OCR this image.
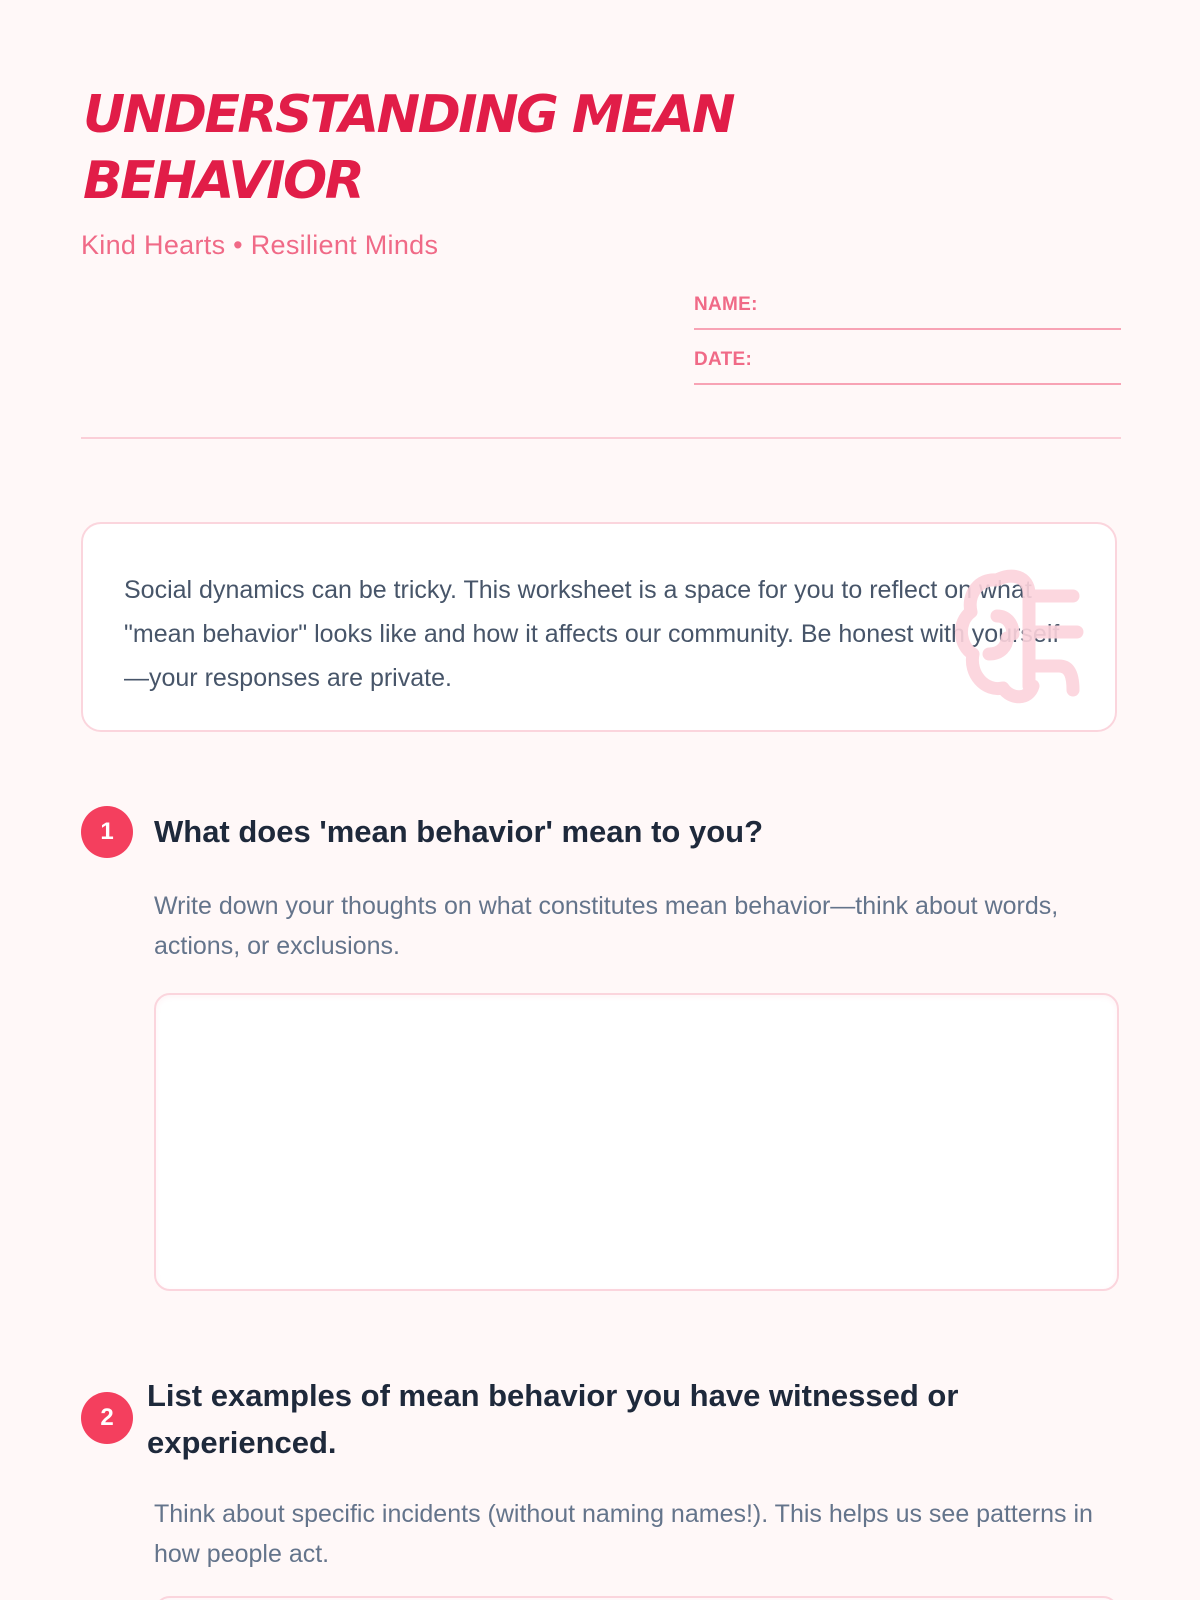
UNDERSTANDING MEAN BEHAVIOR
Kind Hearts • Resilient Minds
NAME:
DATE:

Social dynamics can be tricky. This worksheet is a space for you to reflect on what "mean behavior" looks like and how it affects our community. Be honest with yourself—your responses are private.

1	What does 'mean behavior' mean to you?

Write down your thoughts on what constitutes mean behavior—think about words, actions, or exclusions.

2
List examples of mean behavior you have witnessed or experienced.

Think about specific incidents (without naming names!). This helps us see patterns in how people act.
